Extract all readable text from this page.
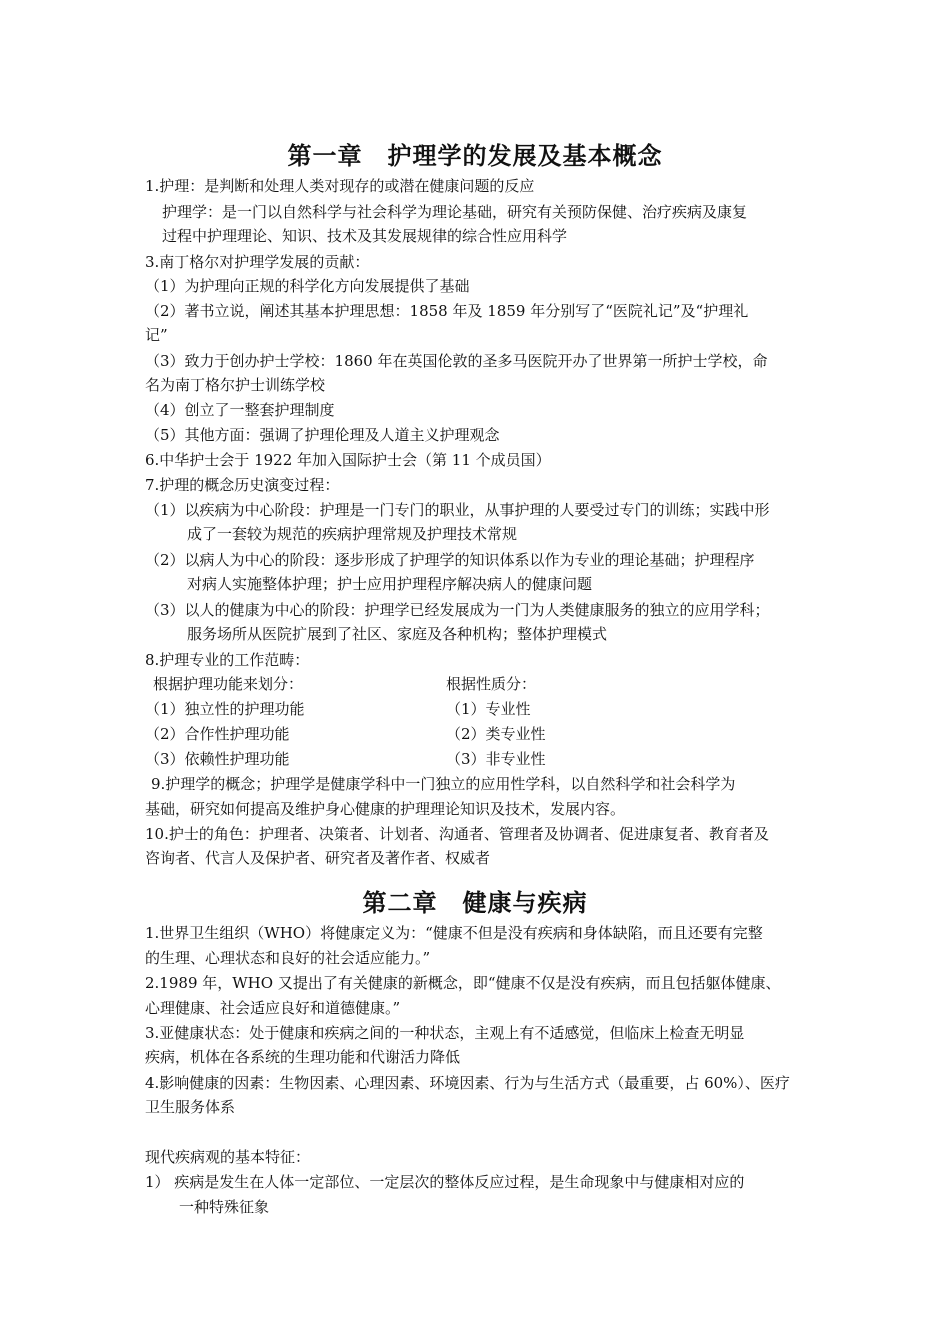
第一章　护理学的发展及基本概念
1.护理：是判断和处理人类对现存的或潜在健康问题的反应
护理学：是一门以自然科学与社会科学为理论基础，研究有关预防保健、治疗疾病及康复
过程中护理理论、知识、技术及其发展规律的综合性应用科学
3.南丁格尔对护理学发展的贡献：
（1）为护理向正规的科学化方向发展提供了基础
（2）著书立说，阐述其基本护理思想：1858 年及 1859 年分别写了“医院礼记”及“护理礼
记”
（3）致力于创办护士学校：1860 年在英国伦敦的圣多马医院开办了世界第一所护士学校，命
名为南丁格尔护士训练学校
（4）创立了一整套护理制度
（5）其他方面：强调了护理伦理及人道主义护理观念
6.中华护士会于 1922 年加入国际护士会（第 11 个成员国）
7.护理的概念历史演变过程：
（1）以疾病为中心阶段：护理是一门专门的职业，从事护理的人要受过专门的训练；实践中形
成了一套较为规范的疾病护理常规及护理技术常规
（2）以病人为中心的阶段：逐步形成了护理学的知识体系以作为专业的理论基础；护理程序
对病人实施整体护理；护士应用护理程序解决病人的健康问题
（3）以人的健康为中心的阶段：护理学已经发展成为一门为人类健康服务的独立的应用学科；
服务场所从医院扩展到了社区、家庭及各种机构；整体护理模式
8.护理专业的工作范畴：
根据护理功能来划分：
（1）独立性的护理功能
（2）合作性护理功能
（3）依赖性护理功能
根据性质分：
（1）专业性
（2）类专业性
（3）非专业性
9.护理学的概念；护理学是健康学科中一门独立的应用性学科，以自然科学和社会科学为
基础，研究如何提高及维护身心健康的护理理论知识及技术，发展内容。
10.护士的角色：护理者、决策者、计划者、沟通者、管理者及协调者、促进康复者、教育者及
咨询者、代言人及保护者、研究者及著作者、权威者
第二章　健康与疾病
1.世界卫生组织（WHO）将健康定义为：“健康不但是没有疾病和身体缺陷，而且还要有完整
的生理、心理状态和良好的社会适应能力。”
2.1989 年，WHO 又提出了有关健康的新概念，即“健康不仅是没有疾病，而且包括躯体健康、
心理健康、社会适应良好和道德健康。”
3.亚健康状态：处于健康和疾病之间的一种状态，主观上有不适感觉，但临床上检查无明显
疾病，机体在各系统的生理功能和代谢活力降低
4.影响健康的因素：生物因素、心理因素、环境因素、行为与生活方式（最重要，占 60%）、医疗
卫生服务体系
现代疾病观的基本特征：
1） 疾病是发生在人体一定部位、一定层次的整体反应过程，是生命现象中与健康相对应的
一种特殊征象
